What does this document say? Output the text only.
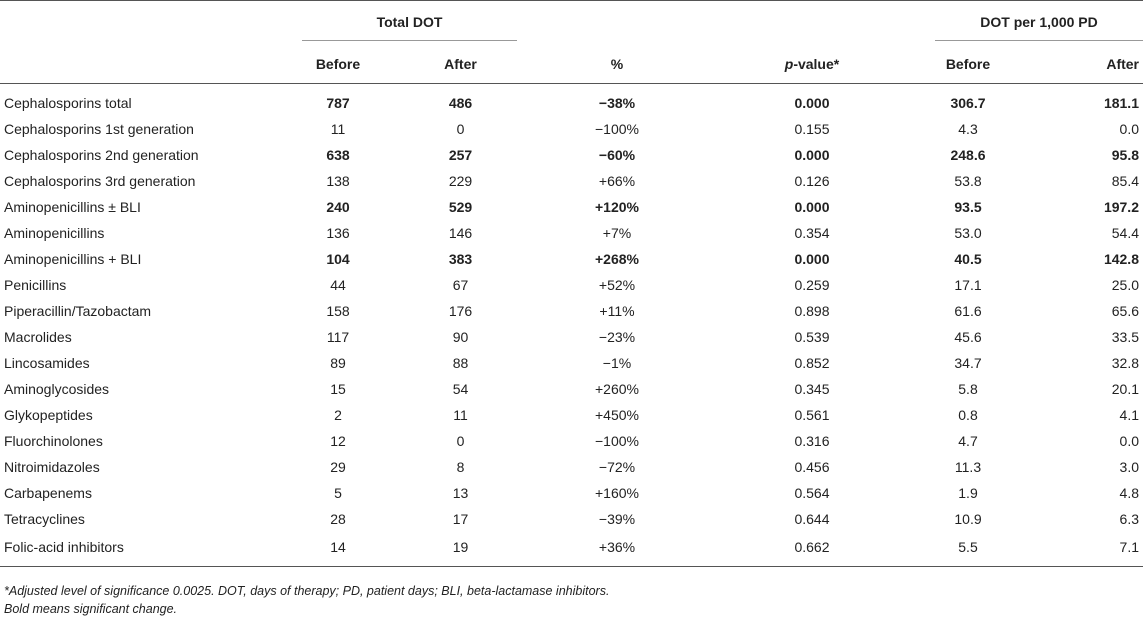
	Total DOT				DOT per 1,000 PD	

	Before	After	%	p-value*	Before	After
Cephalosporins total	787	486	−38%	0.000	306.7	181.1
Cephalosporins 1st generation	11	0	−100%	0.155	4.3	0.0
Cephalosporins 2nd generation	638	257	−60%	0.000	248.6	95.8
Cephalosporins 3rd generation	138	229	+66%	0.126	53.8	85.4
Aminopenicillins ± BLI	240	529	+120%	0.000	93.5	197.2
Aminopenicillins	136	146	+7%	0.354	53.0	54.4
Aminopenicillins + BLI	104	383	+268%	0.000	40.5	142.8
Penicillins	44	67	+52%	0.259	17.1	25.0
Piperacillin/Tazobactam	158	176	+11%	0.898	61.6	65.6
Macrolides	117	90	−23%	0.539	45.6	33.5
Lincosamides	89	88	−1%	0.852	34.7	32.8
Aminoglycosides	15	54	+260%	0.345	5.8	20.1
Glykopeptides	2	11	+450%	0.561	0.8	4.1
Fluorchinolones	12	0	−100%	0.316	4.7	0.0
Nitroimidazoles	29	8	−72%	0.456	11.3	3.0
Carbapenems	5	13	+160%	0.564	1.9	4.8
Tetracyclines	28	17	−39%	0.644	10.9	6.3
Folic-acid inhibitors	14	19	+36%	0.662	5.5	7.1
*Adjusted level of significance 0.0025. DOT, days of therapy; PD, patient days; BLI, beta-lactamase inhibitors.
Bold means significant change.
